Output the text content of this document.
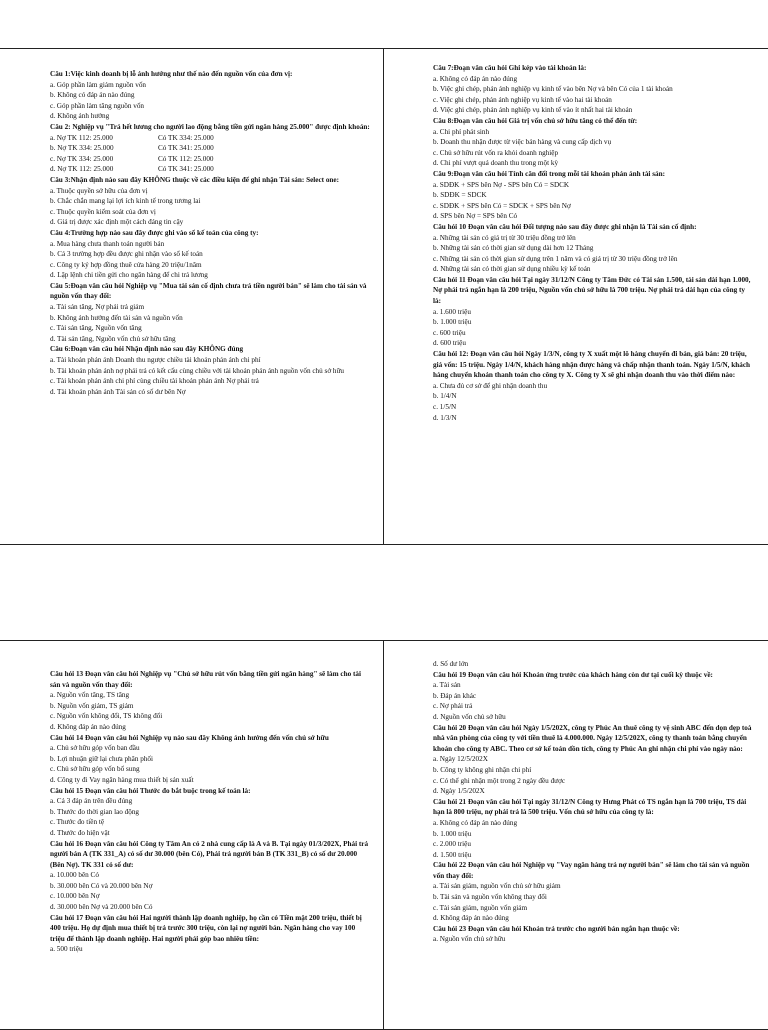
Câu 1:Việc kinh doanh bị lỗ ảnh hưởng như thế nào đến nguồn vốn của đơn vị:
a. Góp phần làm giảm nguồn vốn
b. Không có đáp án nào đúng
c. Góp phần làm tăng nguồn vốn
d. Không ảnh hưởng
Câu 2: Nghiệp vụ "Trả hết lương cho người lao động bằng tiền gửi ngân hàng 25.000" được định khoản:
a. Nợ TK 112: 25.000	Có TK 334: 25.000
b. Nợ TK 334: 25.000	Có TK 341: 25.000
c. Nợ TK 334: 25.000	Có TK 112: 25.000
d. Nợ TK 112: 25.000	Có TK 341: 25.000
Câu 3:Nhận định nào sau đây KHÔNG thuộc về các điều kiện để ghi nhận Tài sản: Select one:
a. Thuộc quyền sở hữu của đơn vị
b. Chắc chắn mang lại lợi ích kinh tế trong tương lai
c. Thuộc quyền kiểm soát của đơn vị
d. Giá trị được xác định một cách đáng tin cậy
Câu 4:Trường hợp nào sau đây được ghi vào sổ kế toán của công ty:
a. Mua hàng chưa thanh toán người bán
b. Cả 3 trường hợp đều được ghi nhận vào sổ kế toán
c. Công ty ký hợp đồng thuê cửa hàng 20 triệu/1năm
d. Lập lệnh chi tiền gửi cho ngân hàng để chi trả lương
Câu 5:Đoạn văn câu hỏi Nghiệp vụ "Mua tài sản cố định chưa trả tiền người bán" sẽ làm cho tài sản và nguồn vốn thay đổi:
a. Tài sản tăng, Nợ phải trả giảm
b. Không ảnh hưởng đến tài sản và nguồn vốn
c. Tài sản tăng, Nguồn vốn tăng
d. Tài sản tăng, Nguồn vốn chủ sở hữu tăng
Câu 6:Đoạn văn câu hỏi Nhận định nào sau đây KHÔNG đúng
a. Tài khoản phản ánh Doanh thu ngược chiều tài khoản phản ánh chi phí
b. Tài khoản phản ánh nợ phải trả có kết cấu cùng chiều với tài khoản phản ánh nguồn vốn chủ sở hữu
c. Tài khoản phản ánh chi phí cùng chiều tài khoản phản ánh Nợ phải trả
d. Tài khoản phản ánh Tài sản có số dư bên Nợ
Câu 7:Đoạn văn câu hỏi Ghi kép vào tài khoản là:
a. Không có đáp án nào đúng
b. Việc ghi chép, phản ánh nghiệp vụ kinh tế vào bên Nợ và bên Có của 1 tài khoản
c. Việc ghi chép, phản ánh nghiệp vụ kinh tế vào hai tài khoản
d. Việc ghi chép, phản ánh nghiệp vụ kinh tế vào ít nhất hai tài khoản
Câu 8:Đoạn văn câu hỏi Giá trị vốn chủ sở hữu tăng có thể đến từ:
a. Chi phí phát sinh
b. Doanh thu nhận được từ việc bán hàng và cung cấp dịch vụ
c. Chủ sở hữu rút vốn ra khỏi doanh nghiệp
d. Chi phí vượt quá doanh thu trong một kỳ
Câu 9:Đoạn văn câu hỏi Tính cân đối trong mỗi tài khoản phản ánh tài sản:
a. SDĐK + SPS bên Nợ - SPS bên Có = SDCK
b. SDĐK = SDCK
c. SDĐK + SPS bên Có = SDCK + SPS bên Nợ
d. SPS bên Nợ = SPS bên Có
Câu hỏi 10 Đoạn văn câu hỏi Đối tượng nào sau đây được ghi nhận là Tài sản cố định:
a. Những tài sản có giá trị từ 30 triệu đồng trở lên
b. Những tài sản có thời gian sử dụng dài hơn 12 Tháng
c. Những tài sản có thời gian sử dụng trên 1 năm và có giá trị từ 30 triệu đồng trở lên
d. Những tài sản có thời gian sử dụng nhiều kỳ kế toán
Câu hỏi 11 Đoạn văn câu hỏi Tại ngày 31/12/N Công ty Tâm Đức có Tài sản 1.500, tài sản dài hạn 1.000, Nợ phải trả ngắn hạn là 200 triệu, Nguồn vốn chủ sở hữu là 700 triệu. Nợ phải trả dài hạn của công ty là:
a. 1.600 triệu
b. 1.000 triệu
c. 600 triệu
d. 600 triệu
Câu hỏi 12: Đoạn văn câu hỏi Ngày 1/3/N, công ty X xuất một lô hàng chuyển đi bán, giá bán: 20 triệu, giá vốn: 15 triệu. Ngày 1/4/N, khách hàng nhận được hàng và chấp nhận thanh toán. Ngày 1/5/N, khách hàng chuyển khoản thanh toán cho công ty X. Công ty X sẽ ghi nhận doanh thu vào thời điểm nào:
a. Chưa đủ cơ sở để ghi nhận doanh thu
b. 1/4/N
c. 1/5/N
d. 1/3/N
Câu hỏi 13 Đoạn văn câu hỏi Nghiệp vụ "Chủ sở hữu rút vốn bằng tiền gửi ngân hàng" sẽ làm cho tài sản và nguồn vốn thay đổi:
a. Nguồn vốn tăng, TS tăng
b. Nguồn vốn giảm, TS giảm
c. Nguồn vốn không đổi, TS không đổi
d. Không đáp án nào đúng
Câu hỏi 14 Đoạn văn câu hỏi Nghiệp vụ nào sau đây Không ảnh hưởng đến vốn chủ sở hữu
a. Chủ sở hữu góp vốn ban đầu
b. Lợi nhuận giữ lại chưa phân phối
c. Chủ sở hữu góp vốn bổ sung
d. Công ty đi Vay ngân hàng mua thiết bị sản xuất
Câu hỏi 15 Đoạn văn câu hỏi Thước đo bắt buộc trong kế toán là:
a. Cả 3 đáp án trên đều đúng
b. Thước đo thời gian lao động
c. Thước đo tiền tệ
d. Thước đo hiện vật
Câu hỏi 16 Đoạn văn câu hỏi Công ty Tâm An có 2 nhà cung cấp là A và B. Tại ngày 01/3/202X, Phải trả người bán A (TK 331_A) có số dư 30.000 (bên Có), Phải trả người bán B (TK 331_B) có số dư 20.000 (Bên Nợ). TK 331 có số dư:
a. 10.000 bên Có
b. 30.000 bên Có và 20.000 bên Nợ
c. 10.000 bên Nợ
d. 30.000 bên Nợ và 20.000 bên Có
Câu hỏi 17 Đoạn văn câu hỏi Hai người thành lập doanh nghiệp, họ cần có Tiền mặt 200 triệu, thiết bị 400 triệu. Họ dự định mua thiết bị trả trước 300 triệu, còn lại nợ người bán. Ngân hàng cho vay 100 triệu để thành lập doanh nghiệp. Hai người phải góp bao nhiêu tiền:
a. 500 triệu
d. Số dư lớn
Câu hỏi 19 Đoạn văn câu hỏi Khoản ứng trước của khách hàng còn dư tại cuối kỳ thuộc về:
a. Tài sản
b. Đáp án khác
c. Nợ phải trả
d. Nguồn vốn chủ sở hữu
Câu hỏi 20 Đoạn văn câu hỏi Ngày 1/5/202X, công ty Phúc An thuê công ty vệ sinh ABC đến dọn dẹp toà nhà văn phòng của công ty với tiền thuê là 4.000.000. Ngày 12/5/202X, công ty thanh toán bằng chuyển khoản cho công ty ABC. Theo cơ sở kế toán dồn tích, công ty Phúc An ghi nhận chi phí vào ngày nào:
a. Ngày 12/5/202X
b. Công ty không ghi nhận chi phí
c. Có thể ghi nhận một trong 2 ngày đều được
d. Ngày 1/5/202X
Câu hỏi 21 Đoạn văn câu hỏi Tại ngày 31/12/N Công ty Hưng Phát có TS ngắn hạn là 700 triệu, TS dài hạn là 800 triệu, nợ phải trả là 500 triệu. Vốn chủ sở hữu của công ty là:
a. Không có đáp án nào đúng
b. 1.000 triệu
c. 2.000 triệu
d. 1.500 triệu
Câu hỏi 22 Đoạn văn câu hỏi Nghiệp vụ "Vay ngân hàng trả nợ người bán" sẽ làm cho tài sản và nguồn vốn thay đổi:
a. Tài sản giảm, nguồn vốn chủ sở hữu giảm
b. Tài sản và nguồn vốn không thay đổi
c. Tài sản giảm, nguồn vốn giảm
d. Không đáp án nào đúng
Câu hỏi 23 Đoạn văn câu hỏi Khoản trả trước cho người bán ngắn hạn thuộc về:
a. Nguồn vốn chủ sở hữu
